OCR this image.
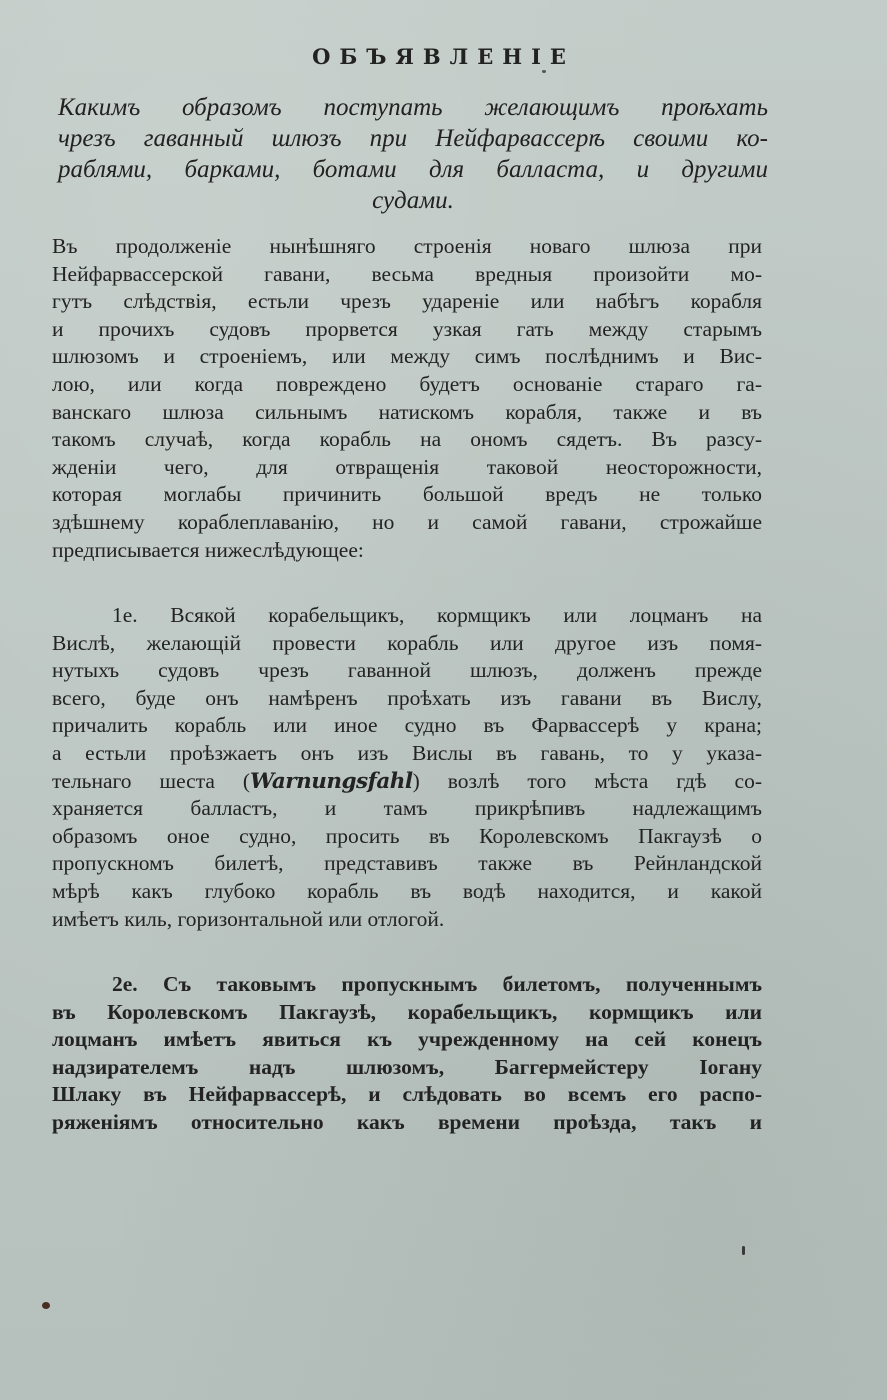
ОБЪЯВЛЕНІЕ
Какимъ образомъ поступать желающимъ проѣхать
чрезъ гаванный шлюзъ при Нейфарвассерѣ своими ко-
раблями, барками, ботами для балласта, и другими
судами.
Въ продолженіе нынѣшняго строенія новаго шлюза при
Нейфарвассерской гавани, весьма вредныя произойти мо-
гутъ слѣдствія, естьли чрезъ удареніе или набѣгъ корабля
и прочихъ судовъ прорвется узкая гать между старымъ
шлюзомъ и строеніемъ, или между симъ послѣднимъ и Вис-
лою, или когда повреждено будетъ основаніе стараго га-
ванскаго шлюза сильнымъ натискомъ корабля, также и въ
такомъ случаѣ, когда корабль на ономъ сядетъ. Въ разсу-
жденіи чего, для отвращенія таковой неосторожности,
которая моглабы причинить большой вредъ не только
здѣшнему кораблеплаванію, но и самой гавани, строжайше
предписывается нижеслѣдующее:
1е. Всякой корабельщикъ, кормщикъ или лоцманъ на
Вислѣ, желающій провести корабль или другое изъ помя-
нутыхъ судовъ чрезъ гаванной шлюзъ, долженъ прежде
всего, буде онъ намѣренъ проѣхать изъ гавани въ Вислу,
причалить корабль или иное судно въ Фарвассерѣ у крана;
а естьли проѣзжаетъ онъ изъ Вислы въ гавань, то у указа-
тельнаго шеста (Warnungsfahl) возлѣ того мѣста гдѣ со-
храняется балластъ, и тамъ прикрѣпивъ надлежащимъ
образомъ оное судно, просить въ Королевскомъ Пакгаузѣ о
пропускномъ билетѣ, представивъ также въ Рейнландской
мѣрѣ какъ глубоко корабль въ водѣ находится, и какой
имѣетъ киль, горизонтальной или отлогой.
2е. Съ таковымъ пропускнымъ билетомъ, полученнымъ
въ Королевскомъ Пакгаузѣ, корабельщикъ, кормщикъ или
лоцманъ имѣетъ явиться къ учрежденному на сей конецъ
надзирателемъ надъ шлюзомъ, Баггермейстеру Іогану
Шлаку въ Нейфарвассерѣ, и слѣдовать во всемъ его распо-
ряженіямъ относительно какъ времени проѣзда, такъ и
